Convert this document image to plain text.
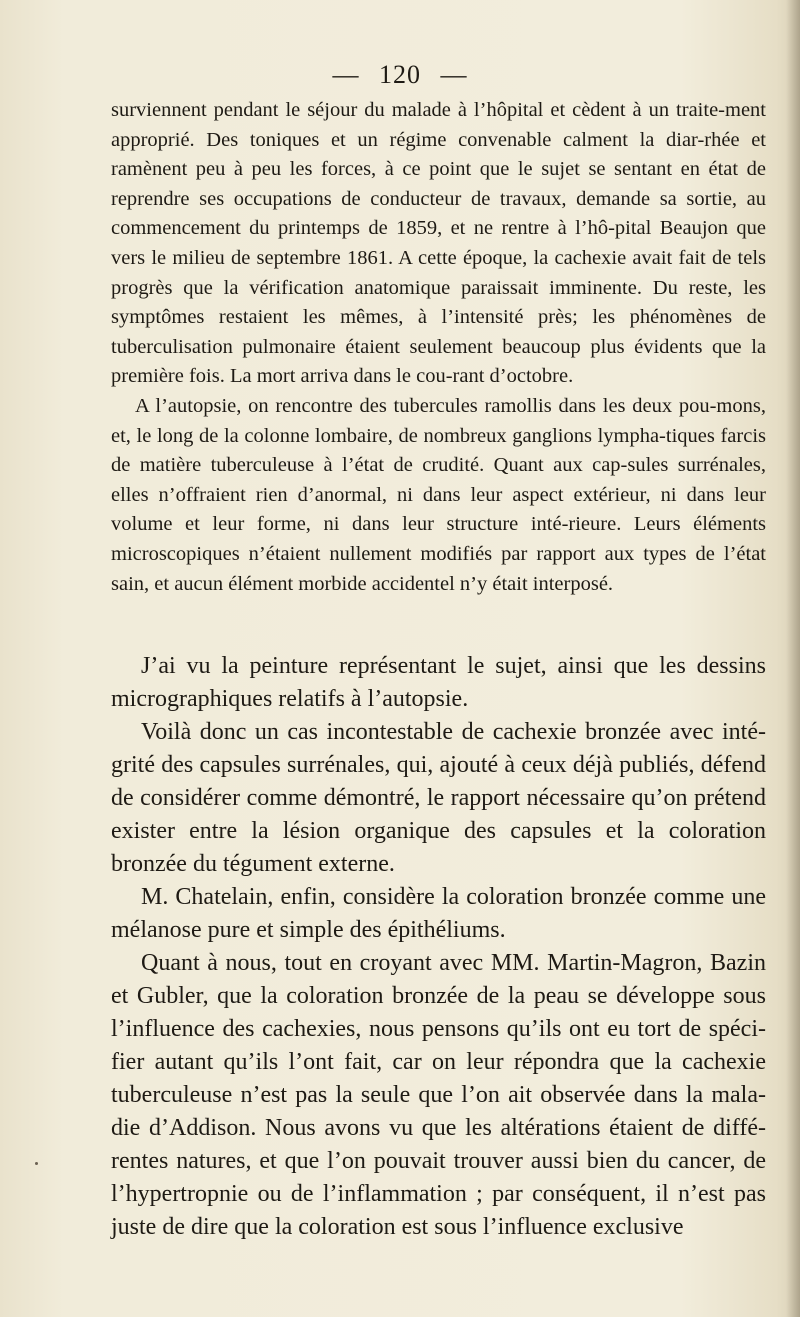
— 120 —

surviennent pendant le séjour du malade à l’hôpital et cèdent à un traite-ment approprié. Des toniques et un régime convenable calment la diar-rhée et ramènent peu à peu les forces, à ce point que le sujet se sentant en état de reprendre ses occupations de conducteur de travaux, demande sa sortie, au commencement du printemps de 1859, et ne rentre à l’hô-pital Beaujon que vers le milieu de septembre 1861. A cette époque, la cachexie avait fait de tels progrès que la vérification anatomique paraissait imminente. Du reste, les symptômes restaient les mêmes, à l’intensité près; les phénomènes de tuberculisation pulmonaire étaient seulement beaucoup plus évidents que la première fois. La mort arriva dans le cou-rant d’octobre.

A l’autopsie, on rencontre des tubercules ramollis dans les deux pou-mons, et, le long de la colonne lombaire, de nombreux ganglions lympha-tiques farcis de matière tuberculeuse à l’état de crudité. Quant aux cap-sules surrénales, elles n’offraient rien d’anormal, ni dans leur aspect extérieur, ni dans leur volume et leur forme, ni dans leur structure inté-rieure. Leurs éléments microscopiques n’étaient nullement modifiés par rapport aux types de l’état sain, et aucun élément morbide accidentel n’y était interposé.

J’ai vu la peinture représentant le sujet, ainsi que les dessins micrographiques relatifs à l’autopsie.

Voilà donc un cas incontestable de cachexie bronzée avec inté-grité des capsules surrénales, qui, ajouté à ceux déjà publiés, défend de considérer comme démontré, le rapport nécessaire qu’on prétend exister entre la lésion organique des capsules et la coloration bronzée du tégument externe.

M. Chatelain, enfin, considère la coloration bronzée comme une mélanose pure et simple des épithéliums.

Quant à nous, tout en croyant avec MM. Martin-Magron, Bazin et Gubler, que la coloration bronzée de la peau se développe sous l’influence des cachexies, nous pensons qu’ils ont eu tort de spéci-fier autant qu’ils l’ont fait, car on leur répondra que la cachexie tuberculeuse n’est pas la seule que l’on ait observée dans la mala-die d’Addison. Nous avons vu que les altérations étaient de diffé-rentes natures, et que l’on pouvait trouver aussi bien du cancer, de l’hypertropnie ou de l’inflammation ; par conséquent, il n’est pas juste de dire que la coloration est sous l’influence exclusive
